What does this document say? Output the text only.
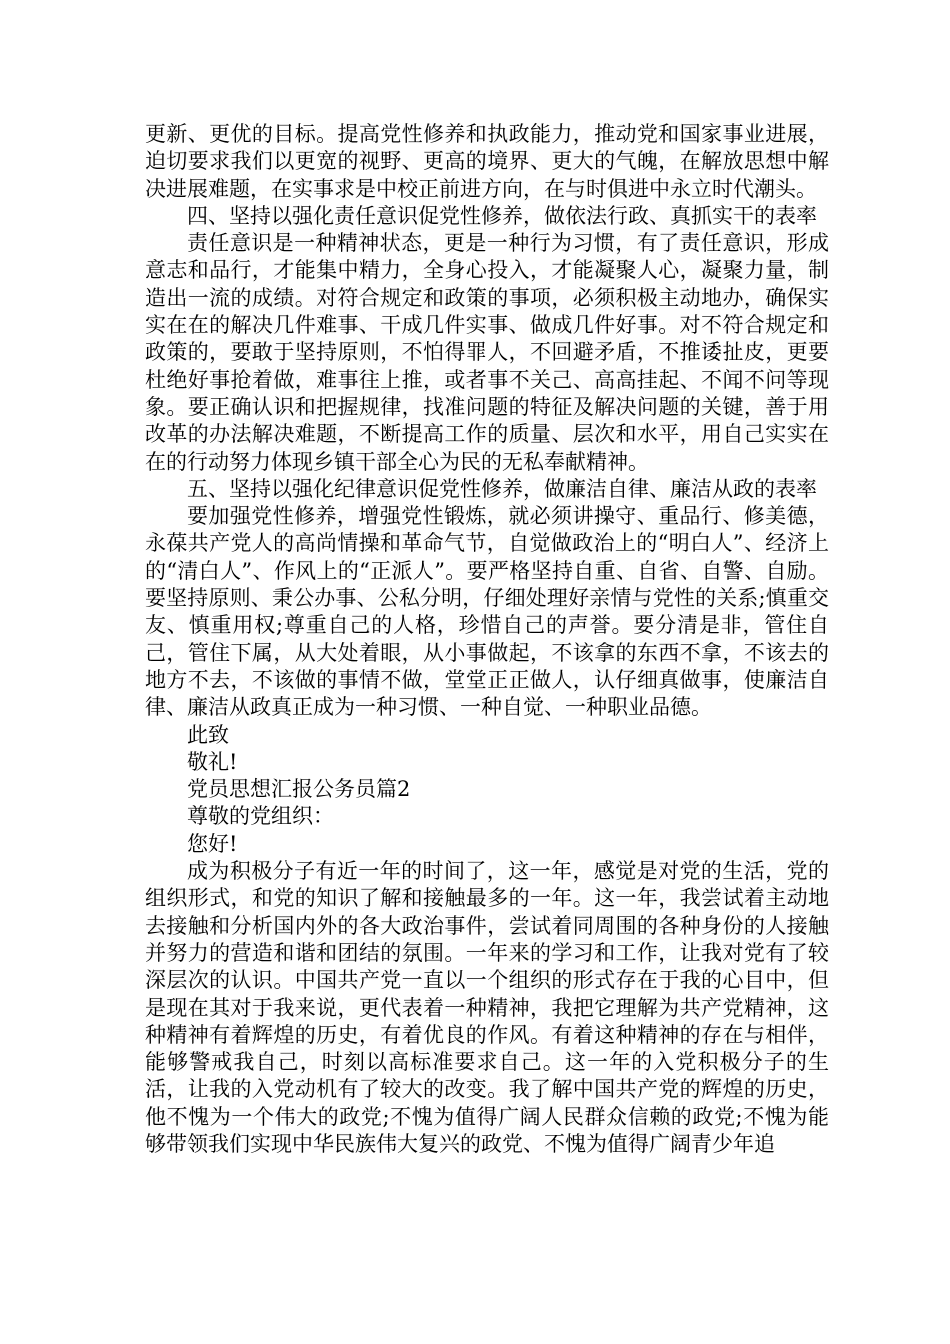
更新、更优的目标。提高党性修养和执政能力，推动党和国家事业进展，迫切要求我们以更宽的视野、更高的境界、更大的气魄，在解放思想中解决进展难题，在实事求是中校正前进方向，在与时俱进中永立时代潮头。

四、坚持以强化责任意识促党性修养，做依法行政、真抓实干的表率

责任意识是一种精神状态，更是一种行为习惯，有了责任意识，形成意志和品行，才能集中精力，全身心投入，才能凝聚人心，凝聚力量，制造出一流的成绩。对符合规定和政策的事项，必须积极主动地办，确保实实在在的解决几件难事、干成几件实事、做成几件好事。对不符合规定和政策的，要敢于坚持原则，不怕得罪人，不回避矛盾，不推诿扯皮，更要杜绝好事抢着做，难事往上推，或者事不关己、高高挂起、不闻不问等现象。要正确认识和把握规律，找准问题的特征及解决问题的关键，善于用改革的办法解决难题，不断提高工作的质量、层次和水平，用自己实实在在的行动努力体现乡镇干部全心为民的无私奉献精神。

五、坚持以强化纪律意识促党性修养，做廉洁自律、廉洁从政的表率

要加强党性修养，增强党性锻炼，就必须讲操守、重品行、修美德，永葆共产党人的高尚情操和革命气节，自觉做政治上的“明白人”、经济上的“清白人”、作风上的“正派人”。要严格坚持自重、自省、自警、自励。要坚持原则、秉公办事、公私分明，仔细处理好亲情与党性的关系;慎重交友、慎重用权;尊重自己的人格，珍惜自己的声誉。要分清是非，管住自己，管住下属，从大处着眼，从小事做起，不该拿的东西不拿，不该去的地方不去，不该做的事情不做，堂堂正正做人，认仔细真做事，使廉洁自律、廉洁从政真正成为一种习惯、一种自觉、一种职业品德。

此致

敬礼!

党员思想汇报公务员篇2

尊敬的党组织：

您好!

成为积极分子有近一年的时间了，这一年，感觉是对党的生活，党的组织形式，和党的知识了解和接触最多的一年。这一年，我尝试着主动地去接触和分析国内外的各大政治事件，尝试着同周围的各种身份的人接触并努力的营造和谐和团结的氛围。一年来的学习和工作，让我对党有了较深层次的认识。中国共产党一直以一个组织的形式存在于我的心目中，但是现在其对于我来说，更代表着一种精神，我把它理解为共产党精神，这种精神有着辉煌的历史，有着优良的作风。有着这种精神的存在与相伴，能够警戒我自己，时刻以高标准要求自己。这一年的入党积极分子的生活，让我的入党动机有了较大的改变。我了解中国共产党的辉煌的历史，他不愧为一个伟大的政党;不愧为值得广阔人民群众信赖的政党;不愧为能够带领我们实现中华民族伟大复兴的政党、不愧为值得广阔青少年追
